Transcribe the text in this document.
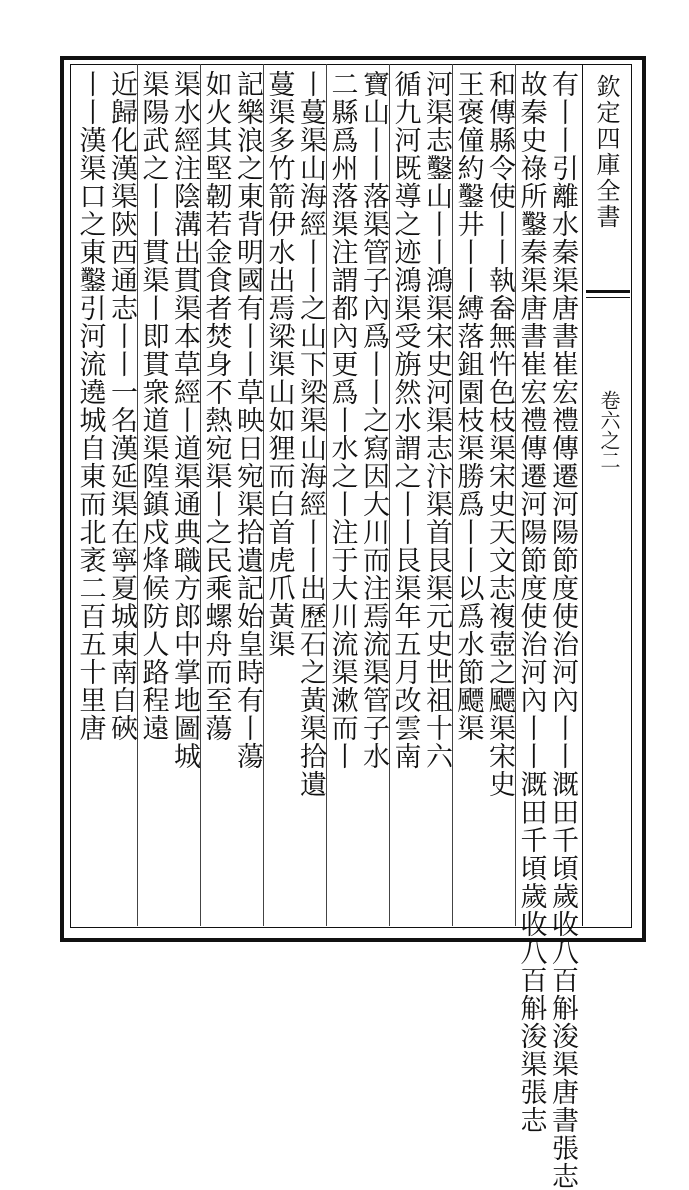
欽定四庫全書
卷六之二
有丨丨引離水秦渠唐書崔宏禮傳遷河陽節度使治河內丨丨溉田千頃歲收八百斛浚渠唐書張志
故秦史祿所鑿秦渠唐書崔宏禮傳遷河陽節度使治河內丨丨溉田千頃歲收八百斛浚渠張志
和傳縣令使丨丨執畚無忤色枝渠宋史天文志複壺之飃渠宋史
王褒僮約鑿井丨丨縛落鉏園枝渠勝爲丨丨以爲水節飃渠
河渠志鑿山丨丨鴻渠宋史河渠志汴渠首艮渠元史世祖十六
循九河既導之迹鴻渠受旃然水謂之丨丨艮渠年五月改雲南
寶山丨丨落渠管子內爲丨丨之寫因大川而注焉流渠管子水
二縣爲州落渠注謂都內更爲丨水之丨注于大川流渠漱而丨
丨蔓渠山海經丨丨之山下梁渠山海經丨丨出歷石之黃渠拾遺
蔓渠多竹箭伊水出焉梁渠山如狸而白首虎爪黃渠
記樂浪之東背明國有丨丨草映日宛渠拾遺記始皇時有丨蕩
如火其堅韌若金食者焚身不熱宛渠丨之民乘螺舟而至蕩
渠水經注陰溝出貫渠本草經丨道渠通典職方郎中掌地圖城
渠陽武之丨丨貫渠丨即貫衆道渠隍鎮戍烽候防人路程遠
近歸化漢渠陝西通志丨丨一名漢延渠在寧夏城東南自硤
丨丨漢渠口之東鑿引河流遶城自東而北袤二百五十里唐
